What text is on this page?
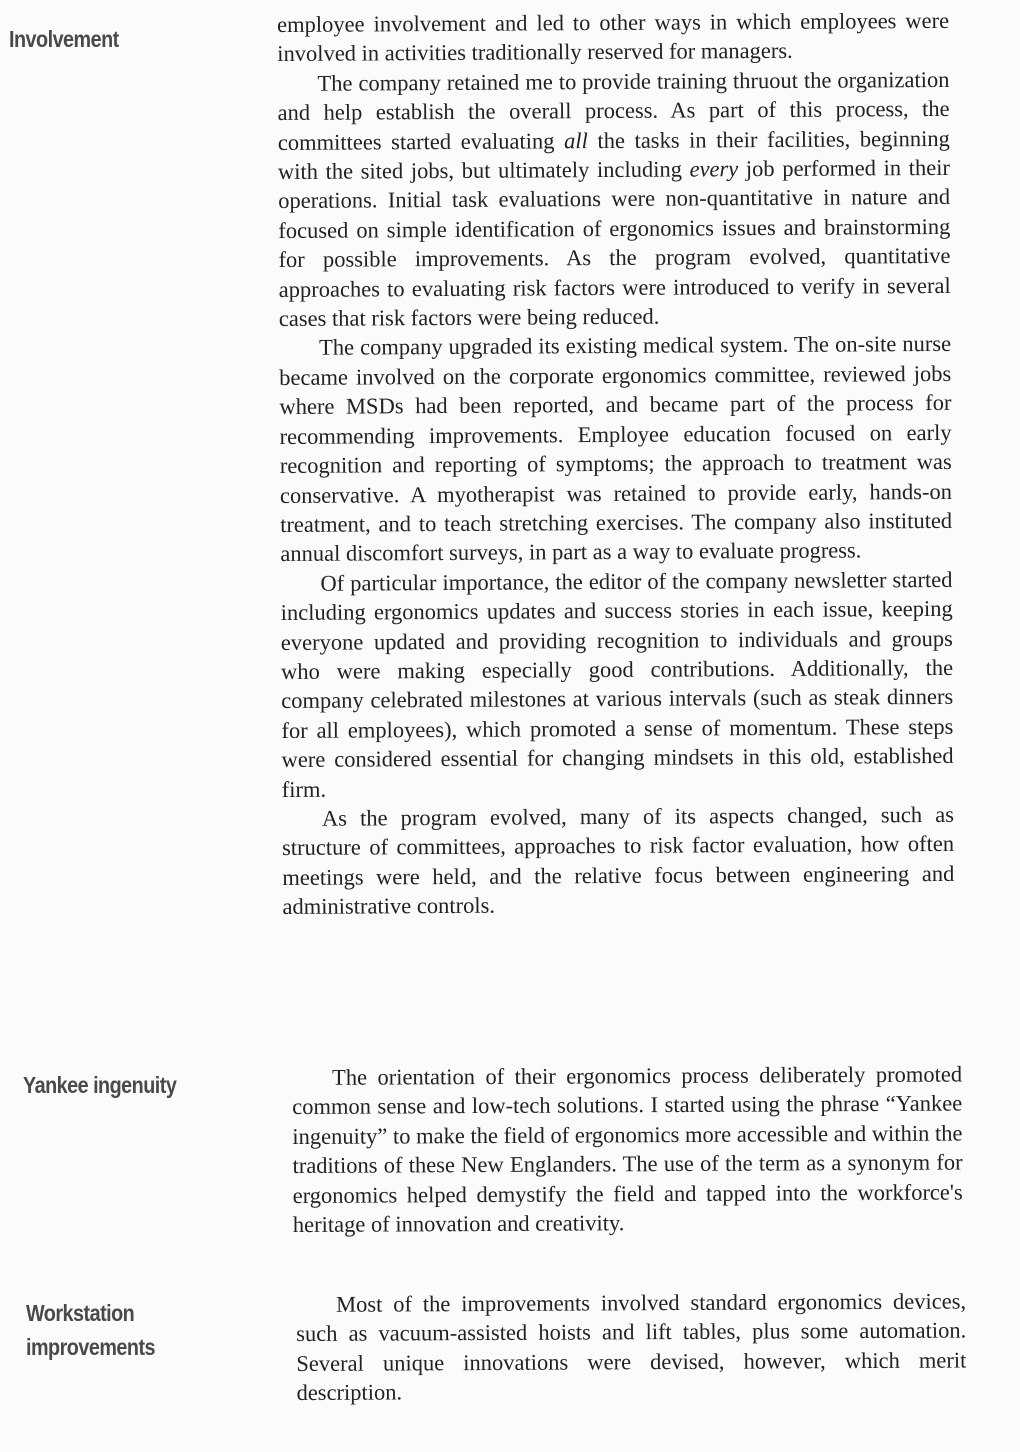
Involvement

employee involvement and led to other ways in which employees were involved in activities traditionally reserved for managers.

The company retained me to provide training thruout the organization and help establish the overall process. As part of this process, the committees started evaluating all the tasks in their facilities, beginning with the sited jobs, but ultimately including every job performed in their operations. Initial task evaluations were non-quantitative in nature and focused on simple identification of ergonomics issues and brainstorming for possible improvements. As the program evolved, quantitative approaches to evaluating risk factors were introduced to verify in several cases that risk factors were being reduced.

The company upgraded its existing medical system. The on-site nurse became involved on the corporate ergonomics committee, reviewed jobs where MSDs had been reported, and became part of the process for recommending improvements. Employee education focused on early recognition and reporting of symptoms; the approach to treatment was conservative. A myotherapist was retained to provide early, hands-on treatment, and to teach stretching exercises. The company also instituted annual discomfort surveys, in part as a way to evaluate progress.

Of particular importance, the editor of the company newsletter started including ergonomics updates and success stories in each issue, keeping everyone updated and providing recognition to individuals and groups who were making especially good contributions. Additionally, the company celebrated milestones at various intervals (such as steak dinners for all employees), which promoted a sense of momentum. These steps were considered essential for changing mindsets in this old, established firm.

As the program evolved, many of its aspects changed, such as structure of committees, approaches to risk factor evaluation, how often meetings were held, and the relative focus between engineering and administrative controls.

Yankee ingenuity	The orientation of their ergonomics process deliberately promoted common sense and low-tech solutions. I started using the phrase “Yankee ingenuity” to make the field of ergonomics more accessible and within the traditions of these New Englanders. The use of the term as a synonym for ergonomics helped demystify the field and tapped into the workforce's heritage of innovation and creativity.

Workstation
improvements

Most of the improvements involved standard ergonomics devices, such as vacuum-assisted hoists and lift tables, plus some automation. Several unique innovations were devised, however, which merit description.
